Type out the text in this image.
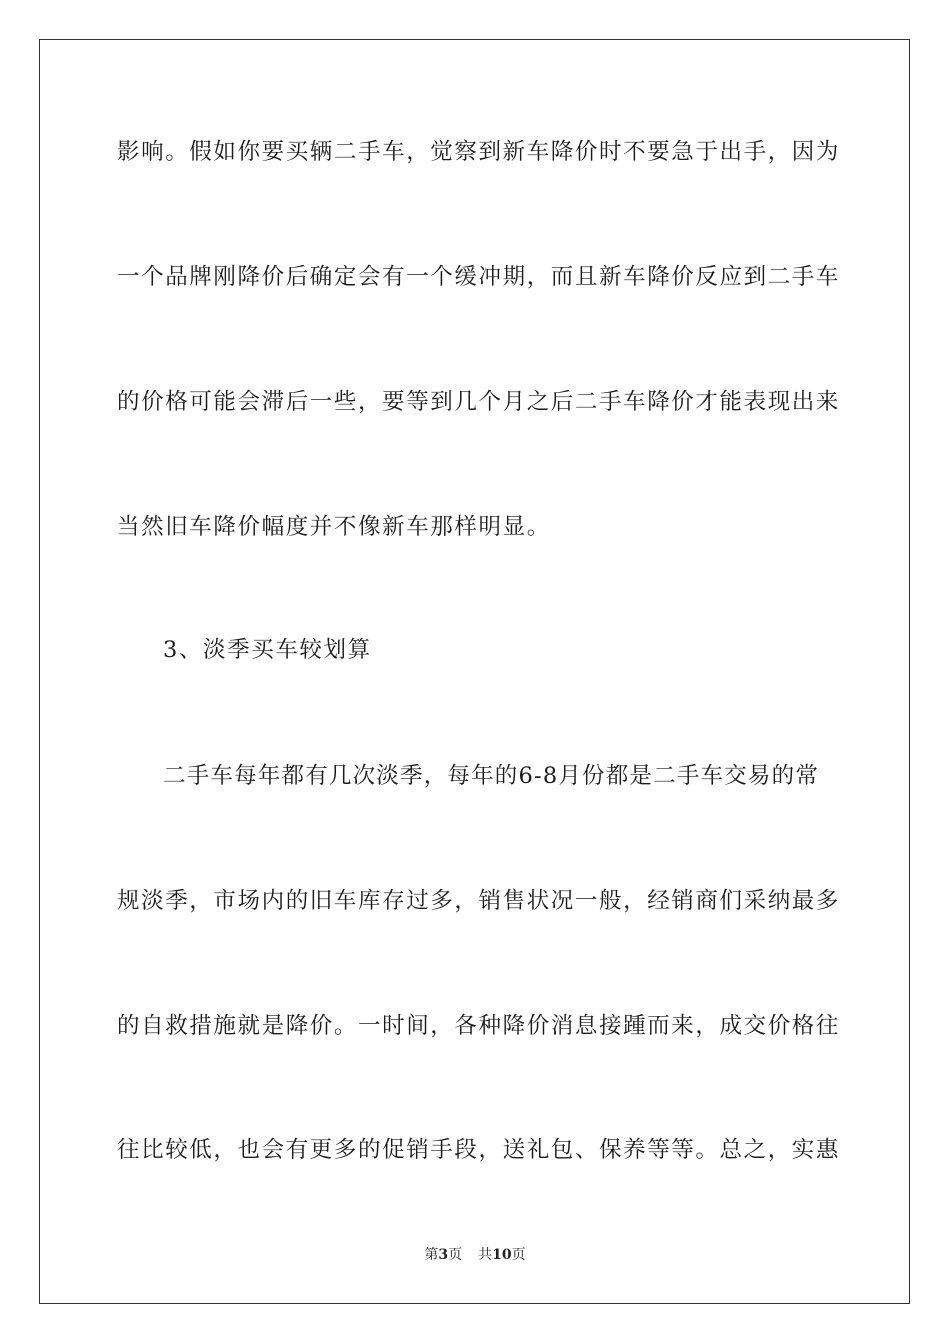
影响。假如你要买辆二手车，觉察到新车降价时不要急于出手，因为

一个品牌刚降价后确定会有一个缓冲期，而且新车降价反应到二手车

的价格可能会滞后一些，要等到几个月之后二手车降价才能表现出来

当然旧车降价幅度并不像新车那样明显。

3、淡季买车较划算

二手车每年都有几次淡季，每年的6-8月份都是二手车交易的常

规淡季，市场内的旧车库存过多，销售状况一般，经销商们采纳最多

的自救措施就是降价。一时间，各种降价消息接踵而来，成交价格往

往比较低，也会有更多的促销手段，送礼包、保养等等。总之，实惠

第3页 共10页
